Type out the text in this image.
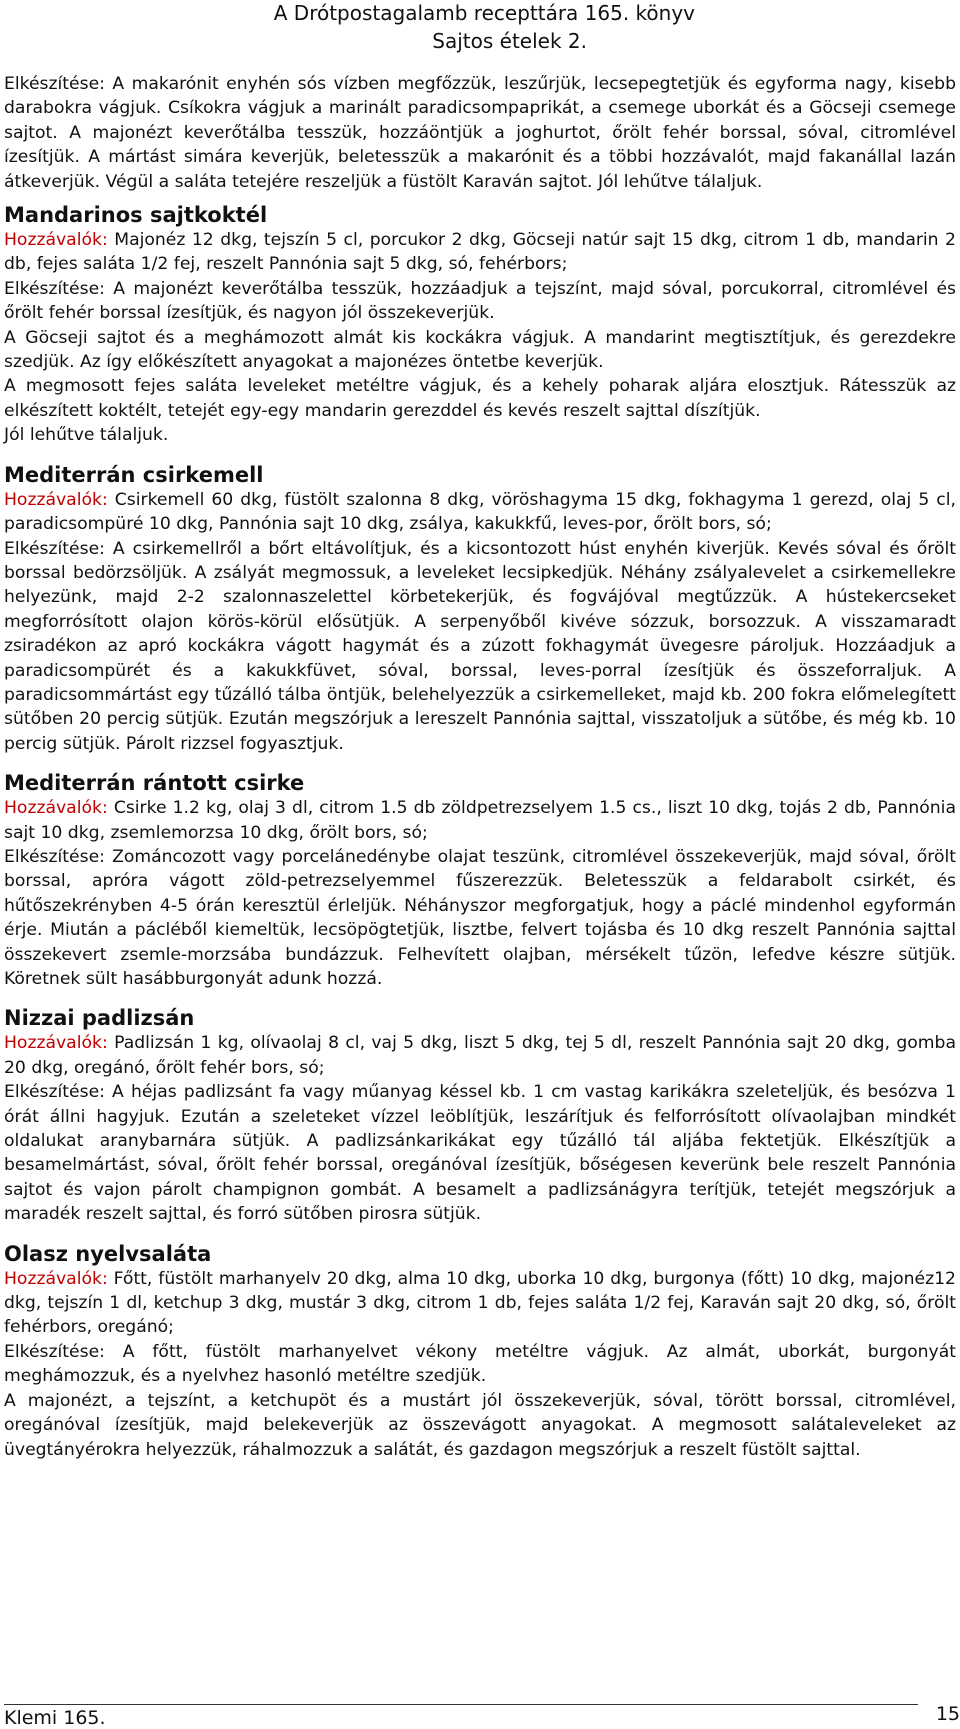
A Drótpostagalamb recepttára 165. könyv
Sajtos ételek 2.

Elkészítése: A makarónit enyhén sós vízben megfőzzük, leszűrjük, lecsepegtetjük és egyforma nagy, kisebb darabokra vágjuk. Csíkokra vágjuk a marinált paradicsompaprikát, a csemege uborkát és a Göcseji csemege sajtot. A majonézt keverőtálba tesszük, hozzáöntjük a joghurtot, őrölt fehér borssal, sóval, citromlével ízesítjük. A mártást simára keverjük, beletesszük a makarónit és a többi hozzávalót, majd fakanállal lazán átkeverjük. Végül a saláta tetejére reszeljük a füstölt Karaván sajtot. Jól lehűtve tálaljuk.

Mandarinos sajtkoktél

Hozzávalók: Majonéz 12 dkg, tejszín 5 cl, porcukor 2 dkg, Göcseji natúr sajt 15 dkg, citrom 1 db, mandarin 2 db, fejes saláta 1/2 fej, reszelt Pannónia sajt 5 dkg, só, fehérbors;

Elkészítése: A majonézt keverőtálba tesszük, hozzáadjuk a tejszínt, majd sóval, porcukorral, citromlével és őrölt fehér borssal ízesítjük, és nagyon jól összekeverjük.

A Göcseji sajtot és a meghámozott almát kis kockákra vágjuk. A mandarint megtisztítjuk, és gerezdekre szedjük. Az így előkészített anyagokat a majonézes öntetbe keverjük.

A megmosott fejes saláta leveleket metéltre vágjuk, és a kehely poharak aljára elosztjuk. Rátesszük az elkészített koktélt, tetejét egy-egy mandarin gerezddel és kevés reszelt sajttal díszítjük.

Jól lehűtve tálaljuk.

Mediterrán csirkemell

Hozzávalók: Csirkemell 60 dkg, füstölt szalonna 8 dkg, vöröshagyma 15 dkg, fokhagyma 1 gerezd, olaj 5 cl, paradicsompüré 10 dkg, Pannónia sajt 10 dkg, zsálya, kakukkfű, leves-por, őrölt bors, só;

Elkészítése: A csirkemellről a bőrt eltávolítjuk, és a kicsontozott húst enyhén kiverjük. Kevés sóval és őrölt borssal bedörzsöljük. A zsályát megmossuk, a leveleket lecsipkedjük. Néhány zsályalevelet a csirkemellekre helyezünk, majd 2-2 szalonnaszelettel körbetekerjük, és fogvájóval megtűzzük. A hústekercseket megforrósított olajon körös-körül elősütjük. A serpenyőből kivéve sózzuk, borsozzuk. A visszamaradt zsiradékon az apró kockákra vágott hagymát és a zúzott fokhagymát üvegesre pároljuk. Hozzáadjuk a paradicsompürét és a kakukkfüvet, sóval, borssal, leves-porral ízesítjük és összeforraljuk. A paradicsommártást egy tűzálló tálba öntjük, belehelyezzük a csirkemelleket, majd kb. 200 fokra előmelegített sütőben 20 percig sütjük. Ezután megszórjuk a lereszelt Pannónia sajttal, visszatoljuk a sütőbe, és még kb. 10 percig sütjük. Párolt rizzsel fogyasztjuk.

Mediterrán rántott csirke

Hozzávalók: Csirke 1.2 kg, olaj 3 dl, citrom 1.5 db zöldpetrezselyem 1.5 cs., liszt 10 dkg, tojás 2 db, Pannónia sajt 10 dkg, zsemlemorzsa 10 dkg, őrölt bors, só;

Elkészítése: Zománcozott vagy porcelánedénybe olajat teszünk, citromlével összekeverjük, majd sóval, őrölt borssal, apróra vágott zöld-petrezselyemmel fűszerezzük. Beletesszük a feldarabolt csirkét, és hűtőszekrényben 4-5 órán keresztül érleljük. Néhányszor megforgatjuk, hogy a páclé mindenhol egyformán érje. Miután a pácléből kiemeltük, lecsöpögtetjük, lisztbe, felvert tojásba és 10 dkg reszelt Pannónia sajttal összekevert zsemle-morzsába bundázzuk. Felhevített olajban, mérsékelt tűzön, lefedve készre sütjük. Köretnek sült hasábburgonyát adunk hozzá.

Nizzai padlizsán

Hozzávalók: Padlizsán 1 kg, olívaolaj 8 cl, vaj 5 dkg, liszt 5 dkg, tej 5 dl, reszelt Pannónia sajt 20 dkg, gomba 20 dkg, oregánó, őrölt fehér bors, só;

Elkészítése: A héjas padlizsánt fa vagy műanyag késsel kb. 1 cm vastag karikákra szeleteljük, és besózva 1 órát állni hagyjuk. Ezután a szeleteket vízzel leöblítjük, leszárítjuk és felforrósított olívaolajban mindkét oldalukat aranybarnára sütjük. A padlizsánkarikákat egy tűzálló tál aljába fektetjük. Elkészítjük a besamelmártást, sóval, őrölt fehér borssal, oregánóval ízesítjük, bőségesen keverünk bele reszelt Pannónia sajtot és vajon párolt champignon gombát. A besamelt a padlizsánágyra terítjük, tetejét megszórjuk a maradék reszelt sajttal, és forró sütőben pirosra sütjük.

Olasz nyelvsaláta

Hozzávalók: Főtt, füstölt marhanyelv 20 dkg, alma 10 dkg, uborka 10 dkg, burgonya (főtt) 10 dkg, majonéz12 dkg, tejszín 1 dl, ketchup 3 dkg, mustár 3 dkg, citrom 1 db, fejes saláta 1/2 fej, Karaván sajt 20 dkg, só, őrölt fehérbors, oregánó;

Elkészítése: A főtt, füstölt marhanyelvet vékony metéltre vágjuk. Az almát, uborkát, burgonyát meghámozzuk, és a nyelvhez hasonló metéltre szedjük.

A majonézt, a tejszínt, a ketchupöt és a mustárt jól összekeverjük, sóval, törött borssal, citromlével, oregánóval ízesítjük, majd belekeverjük az összevágott anyagokat. A megmosott salátaleveleket az üvegtányérokra helyezzük, ráhalmozzuk a salátát, és gazdagon megszórjuk a reszelt füstölt sajttal.

Klemi 165.	15
